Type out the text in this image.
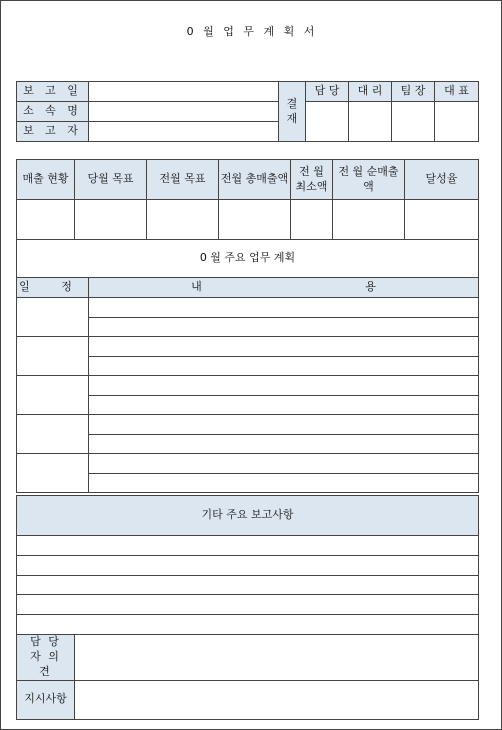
0 월 업 무 계 획 서
보 고 일		결 재	담 당	대 리	팀 장	대 표
소 속 명						
보 고 자						
매출 현황	당월 목표	전월 목표	전월 총매출액	전 월 최소액	전 월 순매출액	달성율

0 월 주요 업무 계획	
일 정	내 용

기타 주요 보고사항

담 당 자 의 견	
지시사항	
